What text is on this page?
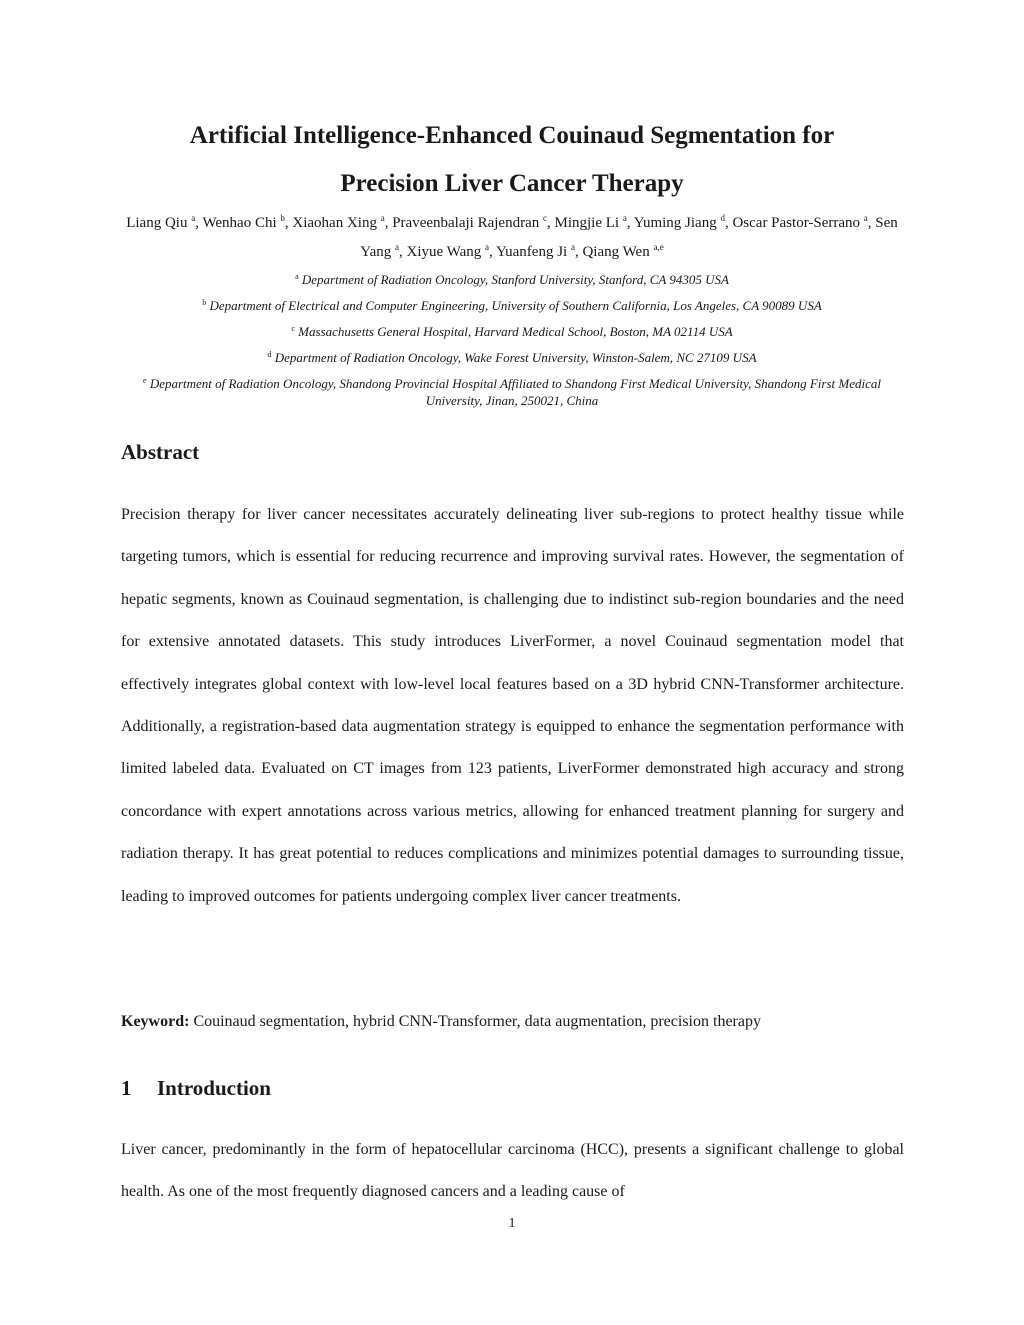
Artificial Intelligence-Enhanced Couinaud Segmentation for
Precision Liver Cancer Therapy
Liang Qiu $^a$, Wenhao Chi $^b$, Xiaohan Xing $^a$, Praveenbalaji Rajendran $^c$, Mingjie Li $^a$, Yuming Jiang $^d$, Oscar Pastor-Serrano $^a$, Sen Yang $^a$, Xiyue Wang $^a$, Yuanfeng Ji $^a$, Qiang Wen $^{a,e}$
$^a$ Department of Radiation Oncology, Stanford University, Stanford, CA 94305 USA
$^b$ Department of Electrical and Computer Engineering, University of Southern California, Los Angeles, CA 90089 USA
$^c$ Massachusetts General Hospital, Harvard Medical School, Boston, MA 02114 USA
$^d$ Department of Radiation Oncology, Wake Forest University, Winston-Salem, NC 27109 USA
$^e$ Department of Radiation Oncology, Shandong Provincial Hospital Affiliated to Shandong First Medical University, Shandong First Medical University, Jinan, 250021, China
Abstract

Precision therapy for liver cancer necessitates accurately delineating liver sub-regions to protect healthy tissue while targeting tumors, which is essential for reducing recurrence and improving survival rates. However, the segmentation of hepatic segments, known as Couinaud segmentation, is challenging due to indistinct sub-region boundaries and the need for extensive annotated datasets. This study introduces LiverFormer, a novel Couinaud segmentation model that effectively integrates global context with low-level local features based on a 3D hybrid CNN-Transformer architecture. Additionally, a registration-based data augmentation strategy is equipped to enhance the segmentation performance with limited labeled data. Evaluated on CT images from 123 patients, LiverFormer demonstrated high accuracy and strong concordance with expert annotations across various metrics, allowing for enhanced treatment planning for surgery and radiation therapy. It has great potential to reduces complications and minimizes potential damages to surrounding tissue, leading to improved outcomes for patients undergoing complex liver cancer treatments.

Keyword: Couinaud segmentation, hybrid CNN-Transformer, data augmentation, precision therapy
1 Introduction

Liver cancer, predominantly in the form of hepatocellular carcinoma (HCC), presents a significant challenge to global health. As one of the most frequently diagnosed cancers and a leading cause of

1
